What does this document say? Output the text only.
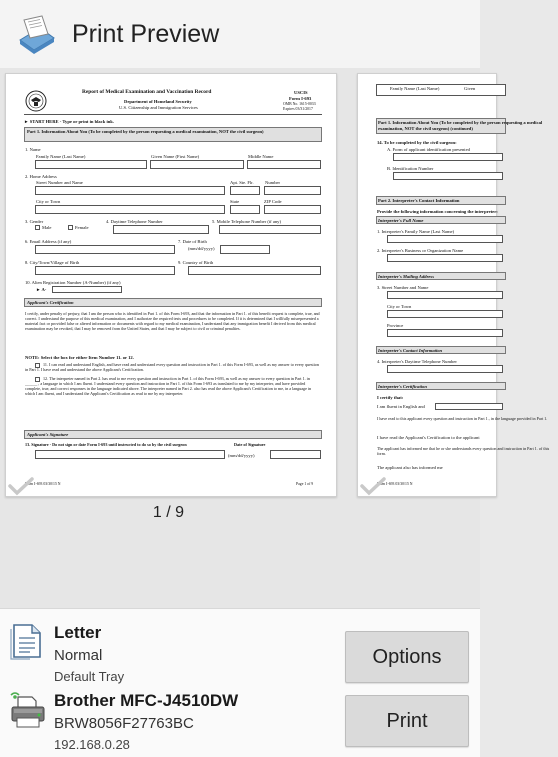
Print Preview
Report of Medical Examination and Vaccination Record
Department of Homeland Security
U.S. Citizenship and Immigration Services
USCIS
Form I-693
OMB No. 1615-0033
Expires 03/31/2017
► START HERE - Type or print in black ink.
Part 1. Information About You (To be completed by the person requesting a medical examination, NOT the civil surgeon)
1. Name
Family Name (Last Name)	Given Name (First Name)	Middle Name
2. Home Address
Street Number and Name	Apt. Ste. Flr. Number
City or Town	State	ZIP Code
3. Gender
Male	Female
4. Daytime Telephone Number	5. Mobile Telephone Number (if any)
6. Email Address (if any)	7. Date of Birth
(mm/dd/yyyy)
8. City/Town/Village of Birth	9. Country of Birth
10. Alien Registration Number (A-Number) (if any)
► A-
Applicant's Certification
I certify, under penalty of perjury, that I am the person who is identified in Part 1. of this Form I-693, and that the information in Part 1. of this benefit request is complete, true, and correct. I understand the purpose of this medical examination, and I authorize the required tests and procedures to be completed. If it is determined that I willfully misrepresented a material fact or provided false or altered information or documents with regard to my medical examination, I understand that any immigration benefit I derived from this medical examination may be revoked, that I may be removed from the United States, and that I may be subject to civil or criminal penalties.
NOTE: Select the box for either Item Number 11. or 12.
11. I can read and understand English, and have read and understand every question and instruction in Part 1. of this Form I-693, as well as my answer to every question in Part 1. I have read and understand the above Applicant's Certification.
12. The interpreter named in Part 2. has read to me every question and instruction in Part 1. of this Form I-693, as well as my answer to every question in Part 1. in ______ , a language in which I am fluent. I understand every question and instruction in Part 1. of this Form I-693 as translated to me by my interpreter, and have provided complete, true, and correct responses in the language indicated above. The interpreter named in Part 2. also has read the above Applicant's Certification to me, in a language in which I am fluent, and I understand the Applicant's Certification as read to me by my interpreter.
Applicant's Signature
13. Signature - Do not sign or date Form I-693 until instructed to do so by the civil surgeon	Date of Signature
(mm/dd/yyyy)
Form I-693 03/30/15 N	Page 1 of 9
Family Name (Last Name)	Given
Part 1. Information About You (To be completed by the person requesting a medical examination, NOT the civil surgeon) (continued)
14. To be completed by the civil surgeon:
A. Form of applicant identification presented
B. Identification Number
Part 2. Interpreter's Contact Information
Provide the following information concerning the interpreter:
Interpreter's Full Name
1. Interpreter's Family Name (Last Name)
2. Interpreter's Business or Organization Name
Interpreter's Mailing Address
3. Street Number and Name
City or Town
Province
Interpreter's Contact Information
4. Interpreter's Daytime Telephone Number
Interpreter's Certification
I certify that:
I am fluent in English and
I have read to this applicant every question and instruction in Part 1., in the language provided in Part 1.
I have read the Applicant's Certification to the applicant
The applicant has informed me that he or she understands every question and instruction in Part 1. of this form.
The applicant also has informed me
Form I-693 03/30/15 N
1 / 9
Letter
Normal
Default Tray
Brother MFC-J4510DW
BRW8056F27763BC
192.168.0.28
Options
Print
